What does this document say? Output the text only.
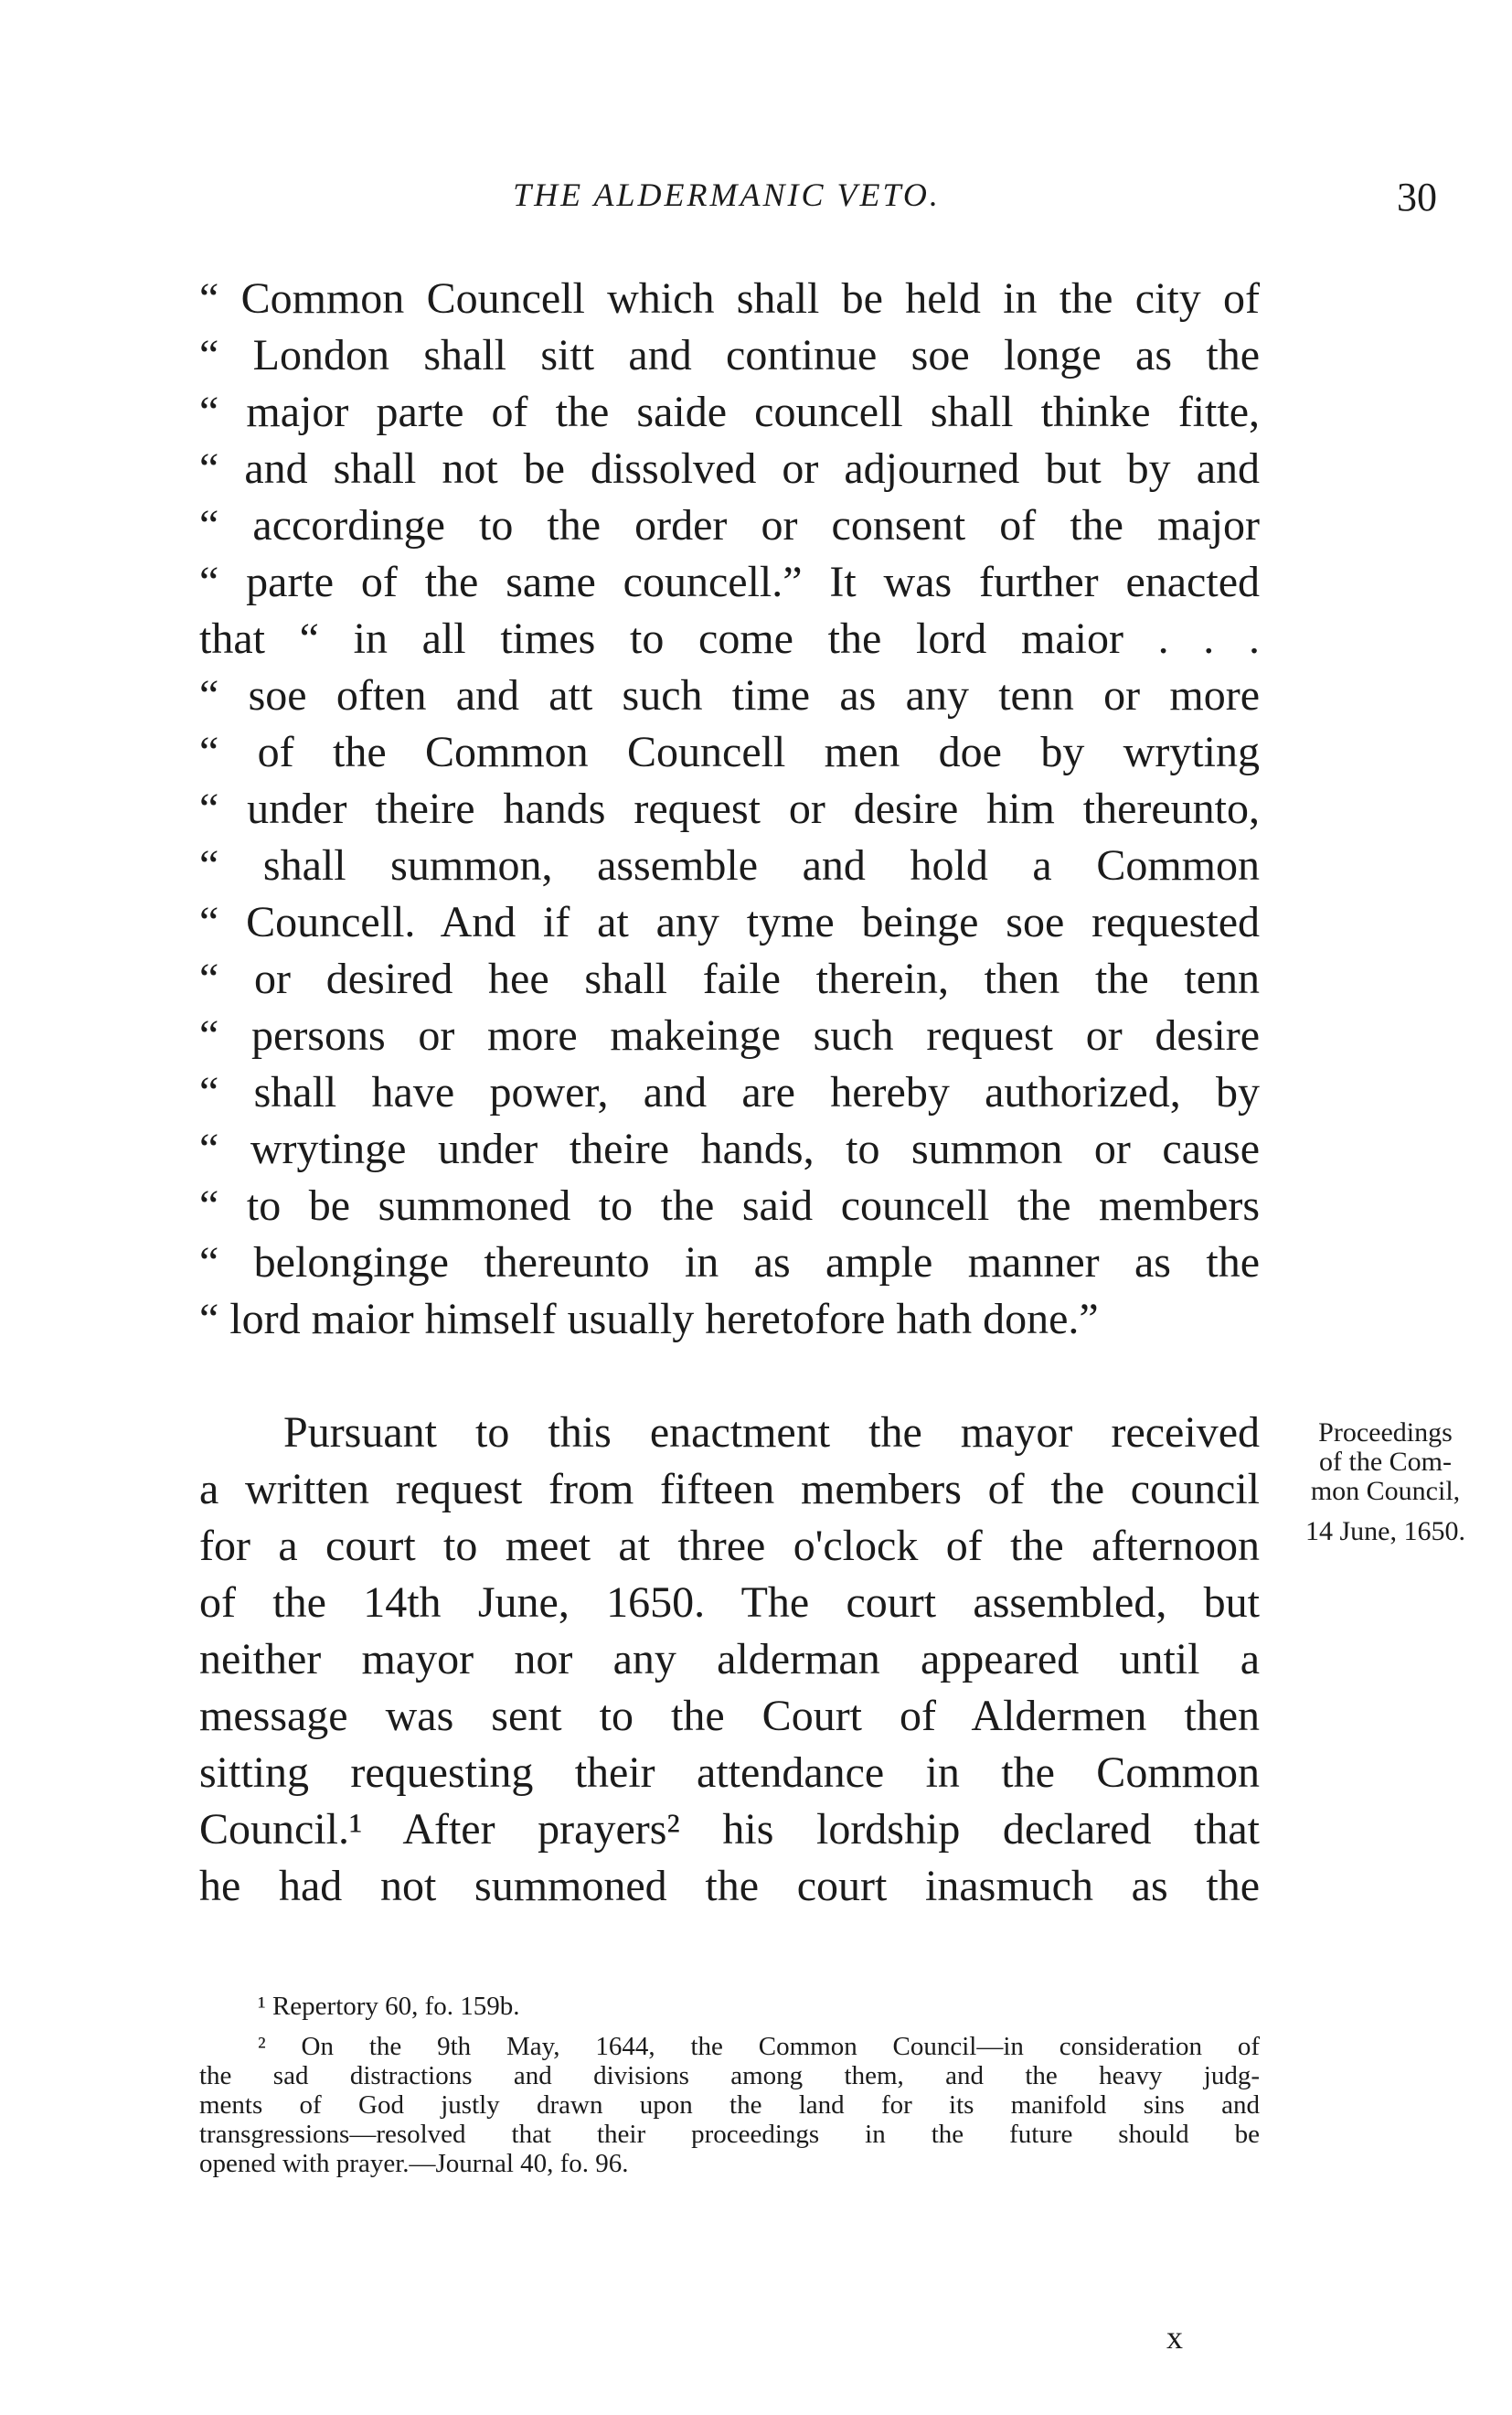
THE ALDERMANIC VETO.	30
“ Common Councell which shall be held in the city of
“ London shall sitt and continue soe longe as the
“ major parte of the saide councell shall thinke fitte,
“ and shall not be dissolved or adjourned but by and
“ accordinge to the order or consent of the major
“ parte of the same councell.” It was further enacted
that “ in all times to come the lord maior . . .
“ soe often and att such time as any tenn or more
“ of the Common Councell men doe by wryting
“ under theire hands request or desire him thereunto,
“ shall summon, assemble and hold a Common
“ Councell. And if at any tyme beinge soe requested
“ or desired hee shall faile therein, then the tenn
“ persons or more makeinge such request or desire
“ shall have power, and are hereby authorized, by
“ wrytinge under theire hands, to summon or cause
“ to be summoned to the said councell the members
“ belonginge thereunto in as ample manner as the
“ lord maior himself usually heretofore hath done.”
Pursuant to this enactment the mayor received
a written request from fifteen members of the council
for a court to meet at three o'clock of the afternoon
of the 14th June, 1650. The court assembled, but
neither mayor nor any alderman appeared until a
message was sent to the Court of Aldermen then
sitting requesting their attendance in the Common
Council.¹ After prayers² his lordship declared that
he had not summoned the court inasmuch as the
Proceedings
of the Com-
mon Council,
14 June, 1650.
¹ Repertory 60, fo. 159b.
² On the 9th May, 1644, the Common Council—in consideration of
the sad distractions and divisions among them, and the heavy judg-
ments of God justly drawn upon the land for its manifold sins and
transgressions—resolved that their proceedings in the future should be
opened with prayer.—Journal 40, fo. 96.
x
